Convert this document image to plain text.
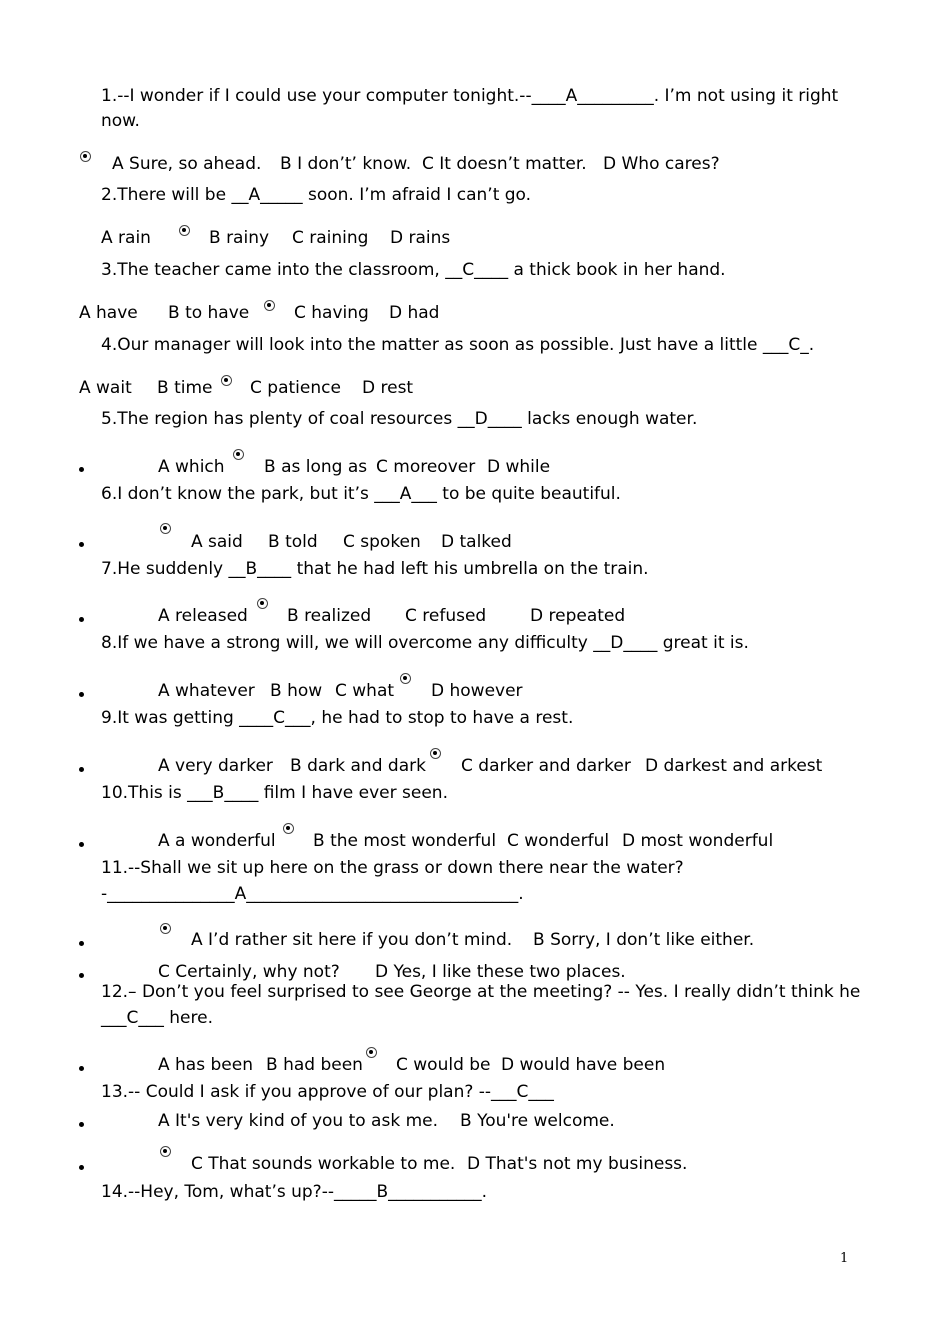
1.--I wonder if I could use your computer tonight.--____A_________. I’m not using it right
now.
A Sure, so ahead. B I don’t’ know. C It doesn’t matter. D Who cares?
2.There will be __A_____ soon. I’m afraid I can’t go.
A rain	B rainy C raining D rains
3.The teacher came into the classroom, __C____ a thick book in her hand.
A have B to have	C having D had
4.Our manager will look into the matter as soon as possible. Just have a little ___C_.
A wait B time C patience D rest
5.The region has plenty of coal resources __D____ lacks enough water.
A which B as long as C moreover D while
6.I don’t know the park, but it’s ___A___ to be quite beautiful.
A said B told C spoken D talked
7.He suddenly __B____ that he had left his umbrella on the train.
A released B realized C refused	D repeated
8.If we have a strong will, we will overcome any difficulty __D____ great it is.
A whatever B how C what D however
9.It was getting ____C___, he had to stop to have a rest.
A very darker B dark and dark C darker and darker D darkest and arkest
10.This is ___B____ film I have ever seen.
A a wonderful B the most wonderful C wonderful D most wonderful
11.--Shall we sit up here on the grass or down there near the water?
-_______________A________________________________.
A I’d rather sit here if you don’t mind. B Sorry, I don’t like either.
C Certainly, why not? D Yes, I like these two places.
12.– Don’t you feel surprised to see George at the meeting? -- Yes. I really didn’t think he
___C___ here.
A has been B had been C would be D would have been
13.-- Could I ask if you approve of our plan? --___C___
A It's very kind of you to ask me. B You're welcome.
C That sounds workable to me. D That's not my business.
14.--Hey, Tom, what’s up?--_____B___________.
1
